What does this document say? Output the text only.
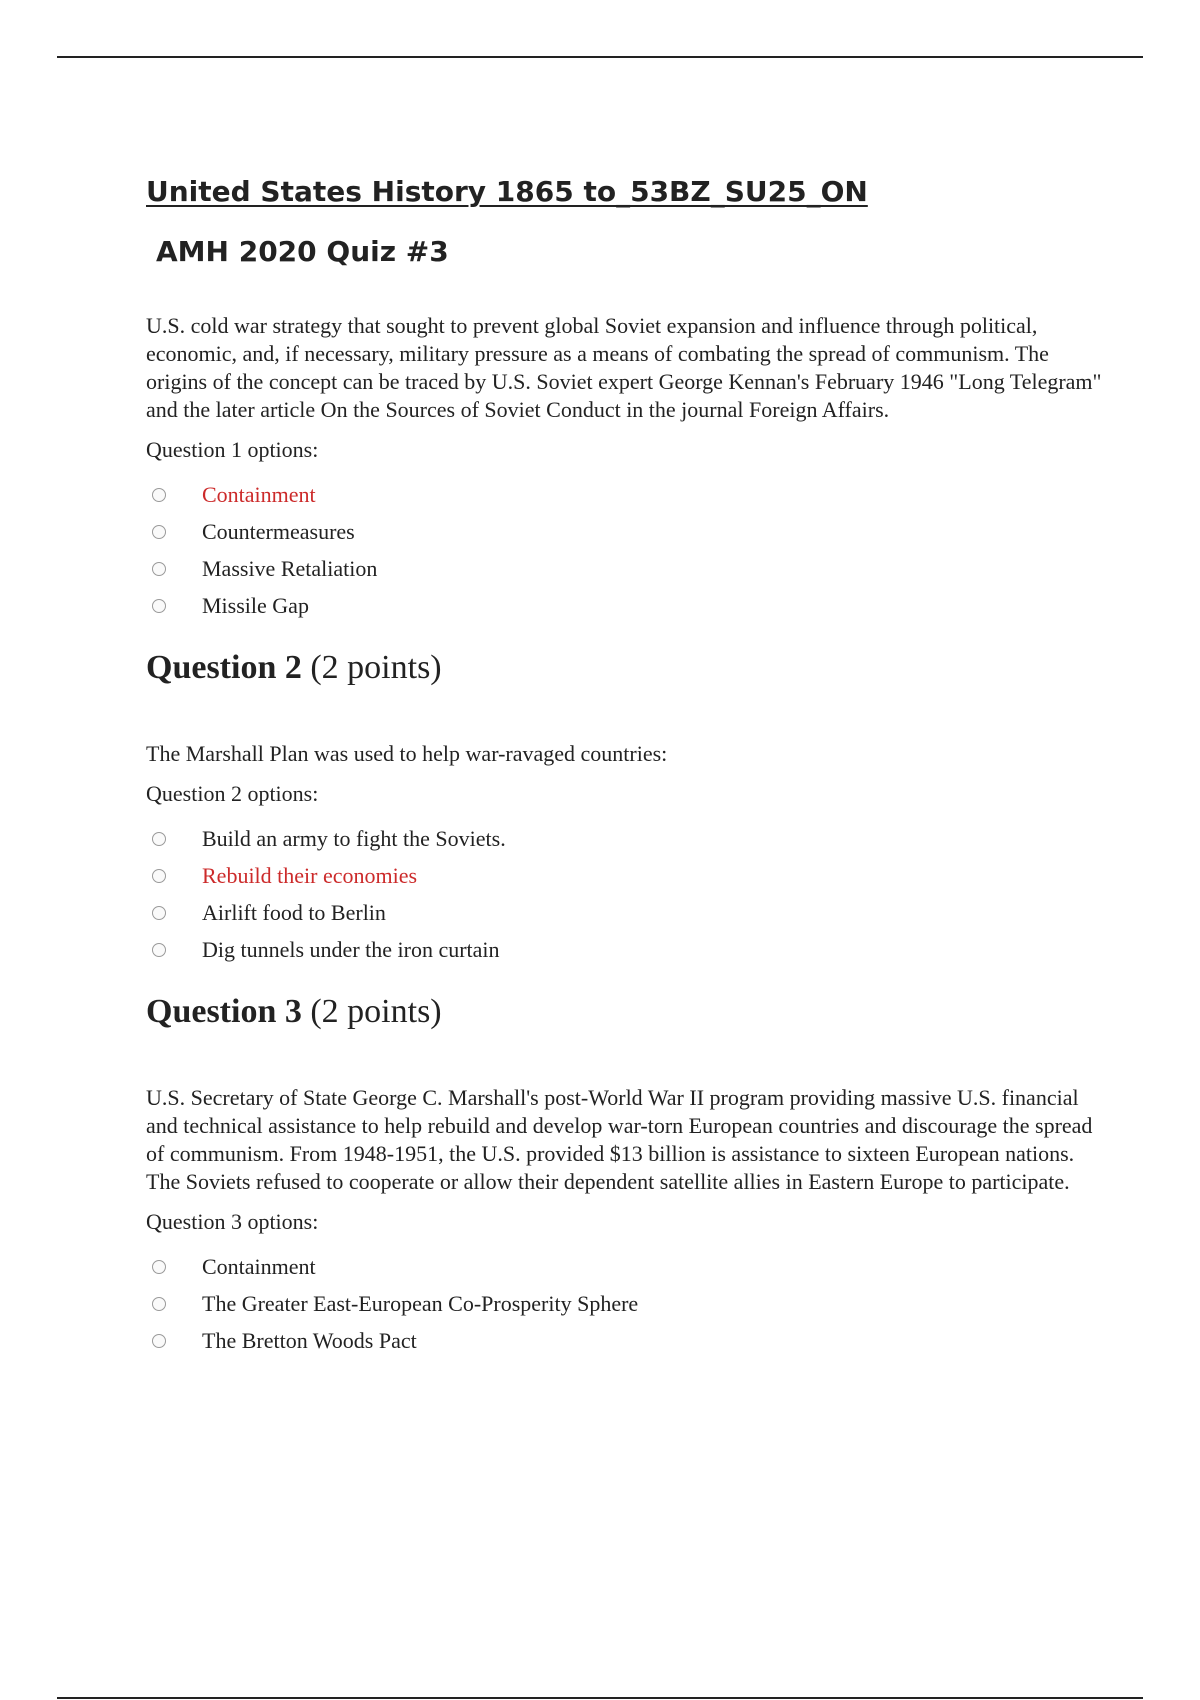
United States History 1865 to_53BZ_SU25_ON
AMH 2020 Quiz #3

U.S. cold war strategy that sought to prevent global Soviet expansion and influence through political, economic, and, if necessary, military pressure as a means of combating the spread of communism. The origins of the concept can be traced by U.S. Soviet expert George Kennan's February 1946 "Long Telegram" and the later article On the Sources of Soviet Conduct in the journal Foreign Affairs.

Question 1 options:

Containment
Countermeasures
Massive Retaliation
Missile Gap
Question 2 (2 points)

The Marshall Plan was used to help war-ravaged countries:

Question 2 options:

Build an army to fight the Soviets.
Rebuild their economies
Airlift food to Berlin
Dig tunnels under the iron curtain
Question 3 (2 points)

U.S. Secretary of State George C. Marshall's post-World War II program providing massive U.S. financial and technical assistance to help rebuild and develop war-torn European countries and discourage the spread of communism. From 1948-1951, the U.S. provided $13 billion is assistance to sixteen European nations. The Soviets refused to cooperate or allow their dependent satellite allies in Eastern Europe to participate.

Question 3 options:

Containment
The Greater East-European Co-Prosperity Sphere
The Bretton Woods Pact
